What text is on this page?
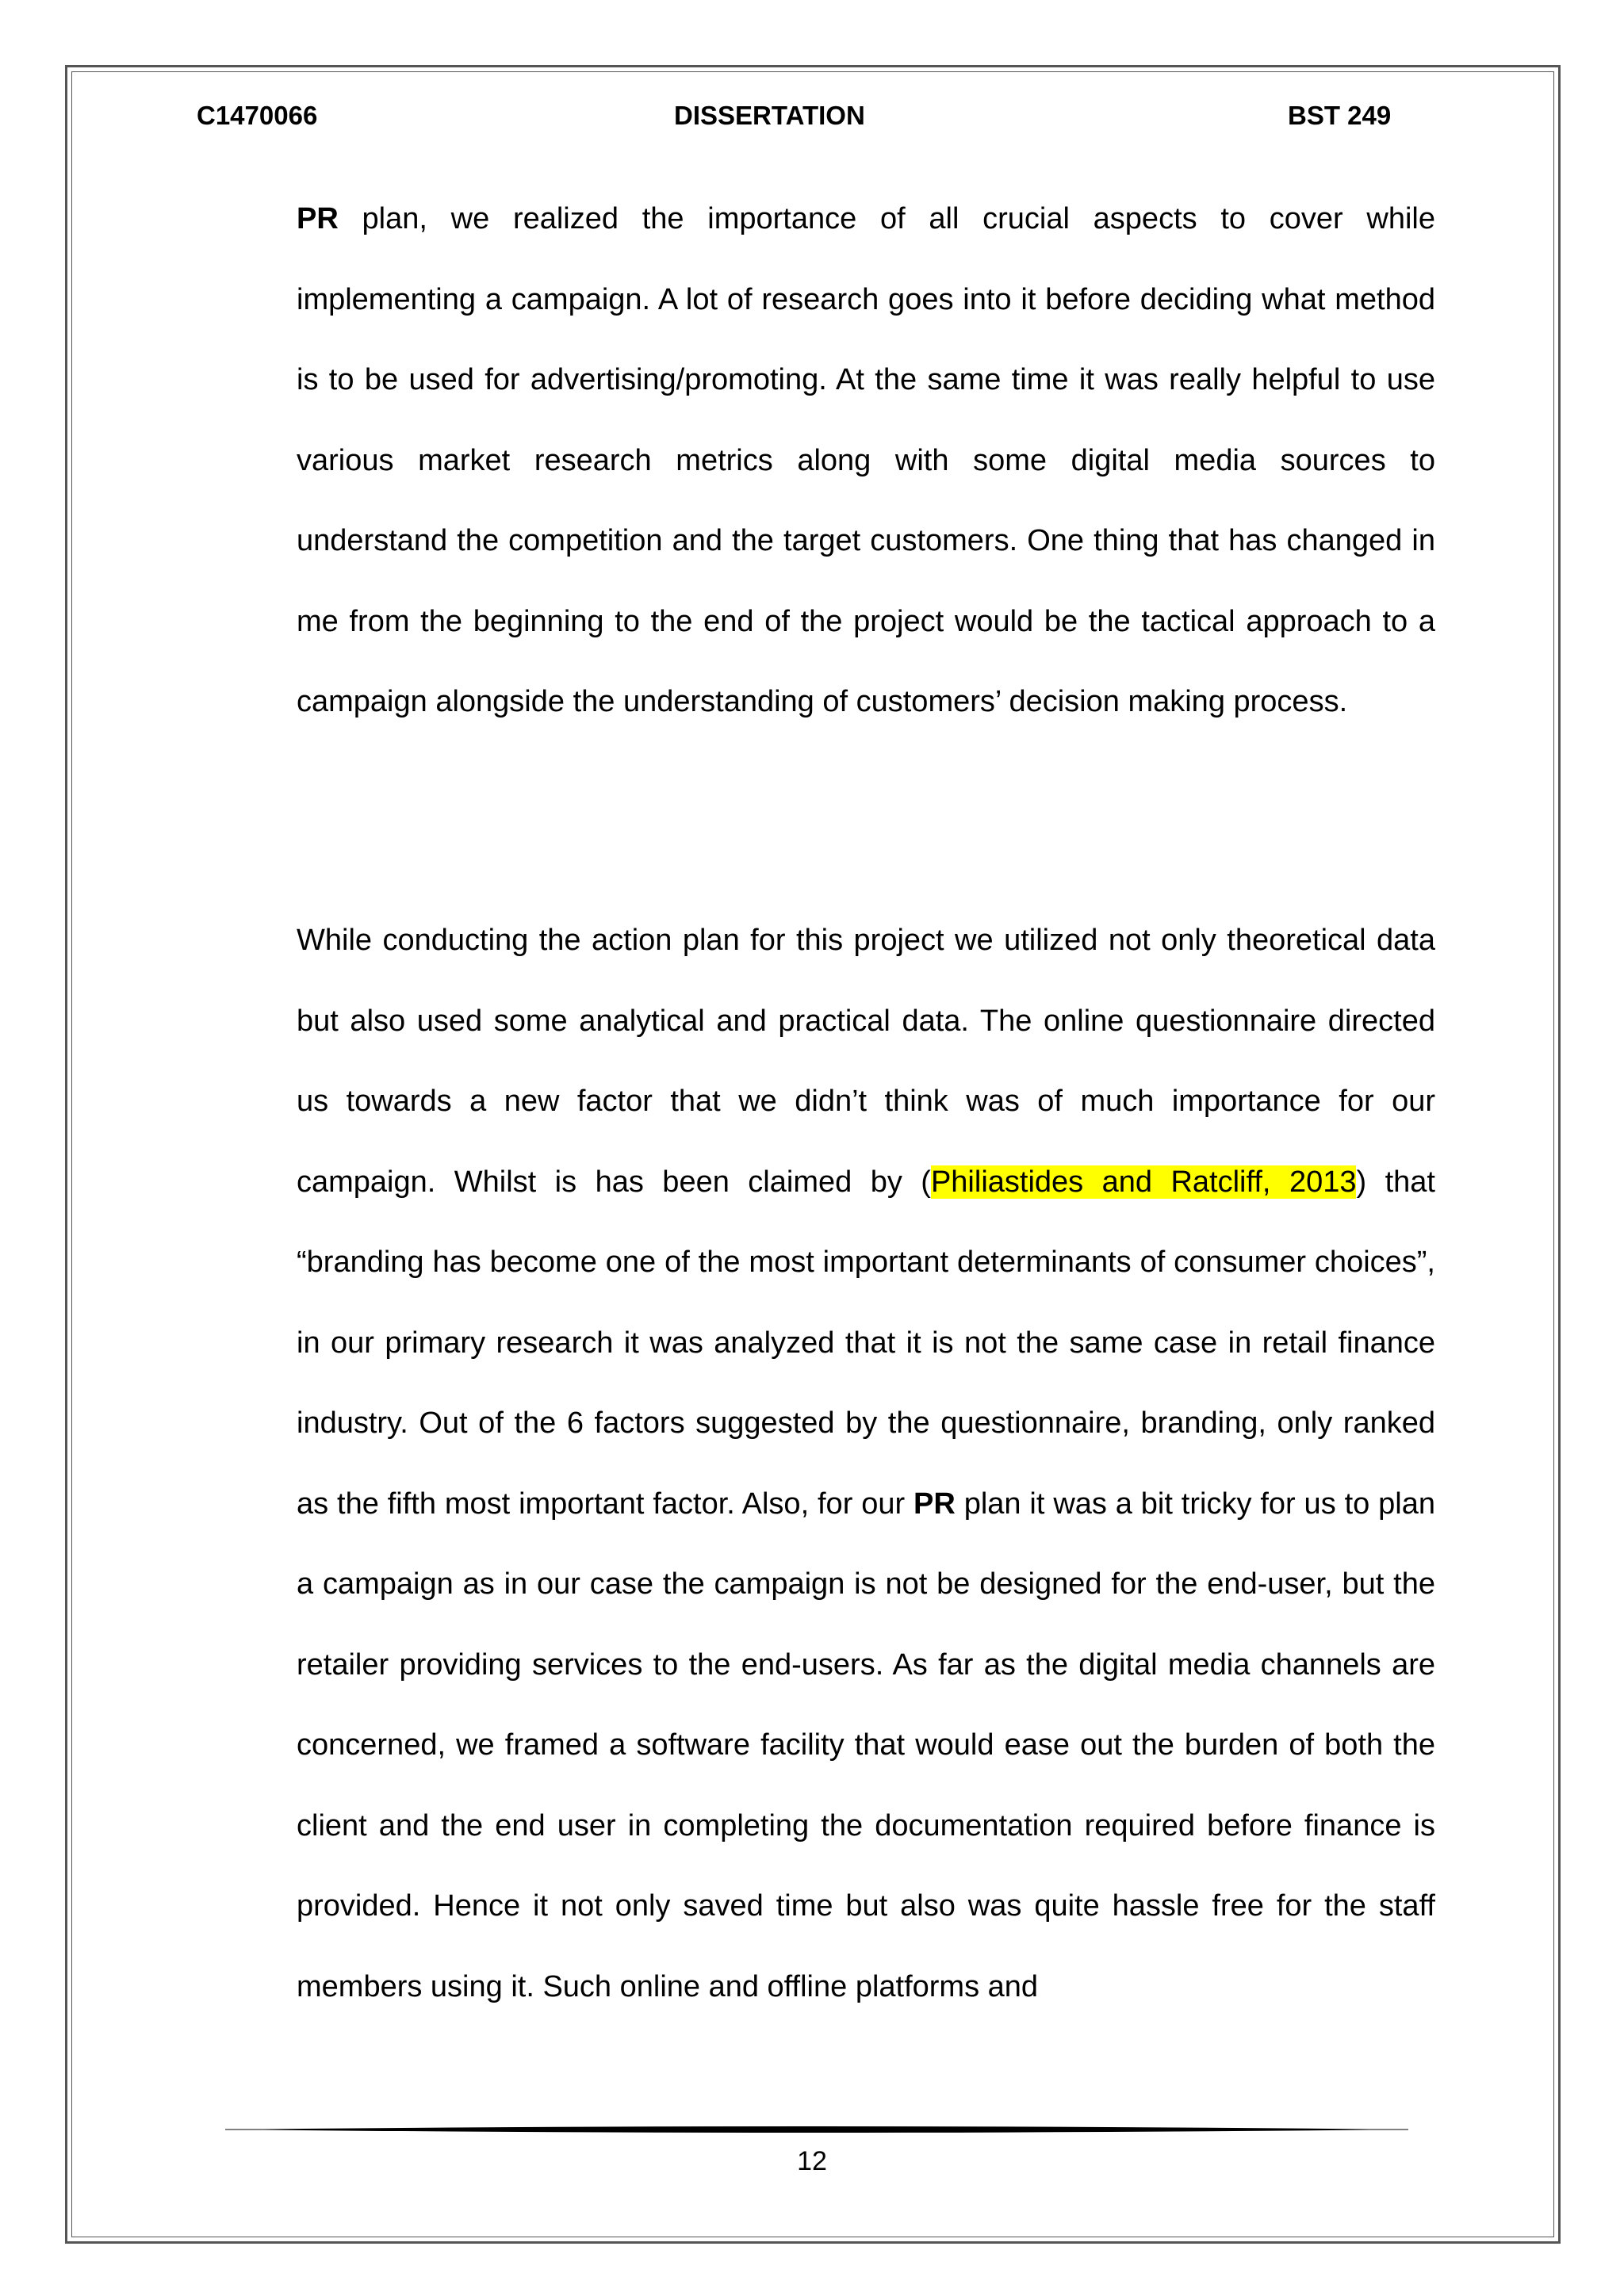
C1470066	DISSERTATION	BST 249

PR plan, we realized the importance of all crucial aspects to cover while implementing a campaign. A lot of research goes into it before deciding what method is to be used for advertising/promoting. At the same time it was really helpful to use various market research metrics along with some digital media sources to understand the competition and the target customers. One thing that has changed in me from the beginning to the end of the project would be the tactical approach to a campaign alongside the understanding of customers’ decision making process.

While conducting the action plan for this project we utilized not only theoretical data but also used some analytical and practical data. The online questionnaire directed us towards a new factor that we didn’t think was of much importance for our campaign. Whilst is has been claimed by (Philiastides and Ratcliff, 2013) that “branding has become one of the most important determinants of consumer choices”, in our primary research it was analyzed that it is not the same case in retail finance industry. Out of the 6 factors suggested by the questionnaire, branding, only ranked as the fifth most important factor. Also, for our PR plan it was a bit tricky for us to plan a campaign as in our case the campaign is not be designed for the end-user, but the retailer providing services to the end-users. As far as the digital media channels are concerned, we framed a software facility that would ease out the burden of both the client and the end user in completing the documentation required before finance is provided. Hence it not only saved time but also was quite hassle free for the staff members using it. Such online and offline platforms and

12
